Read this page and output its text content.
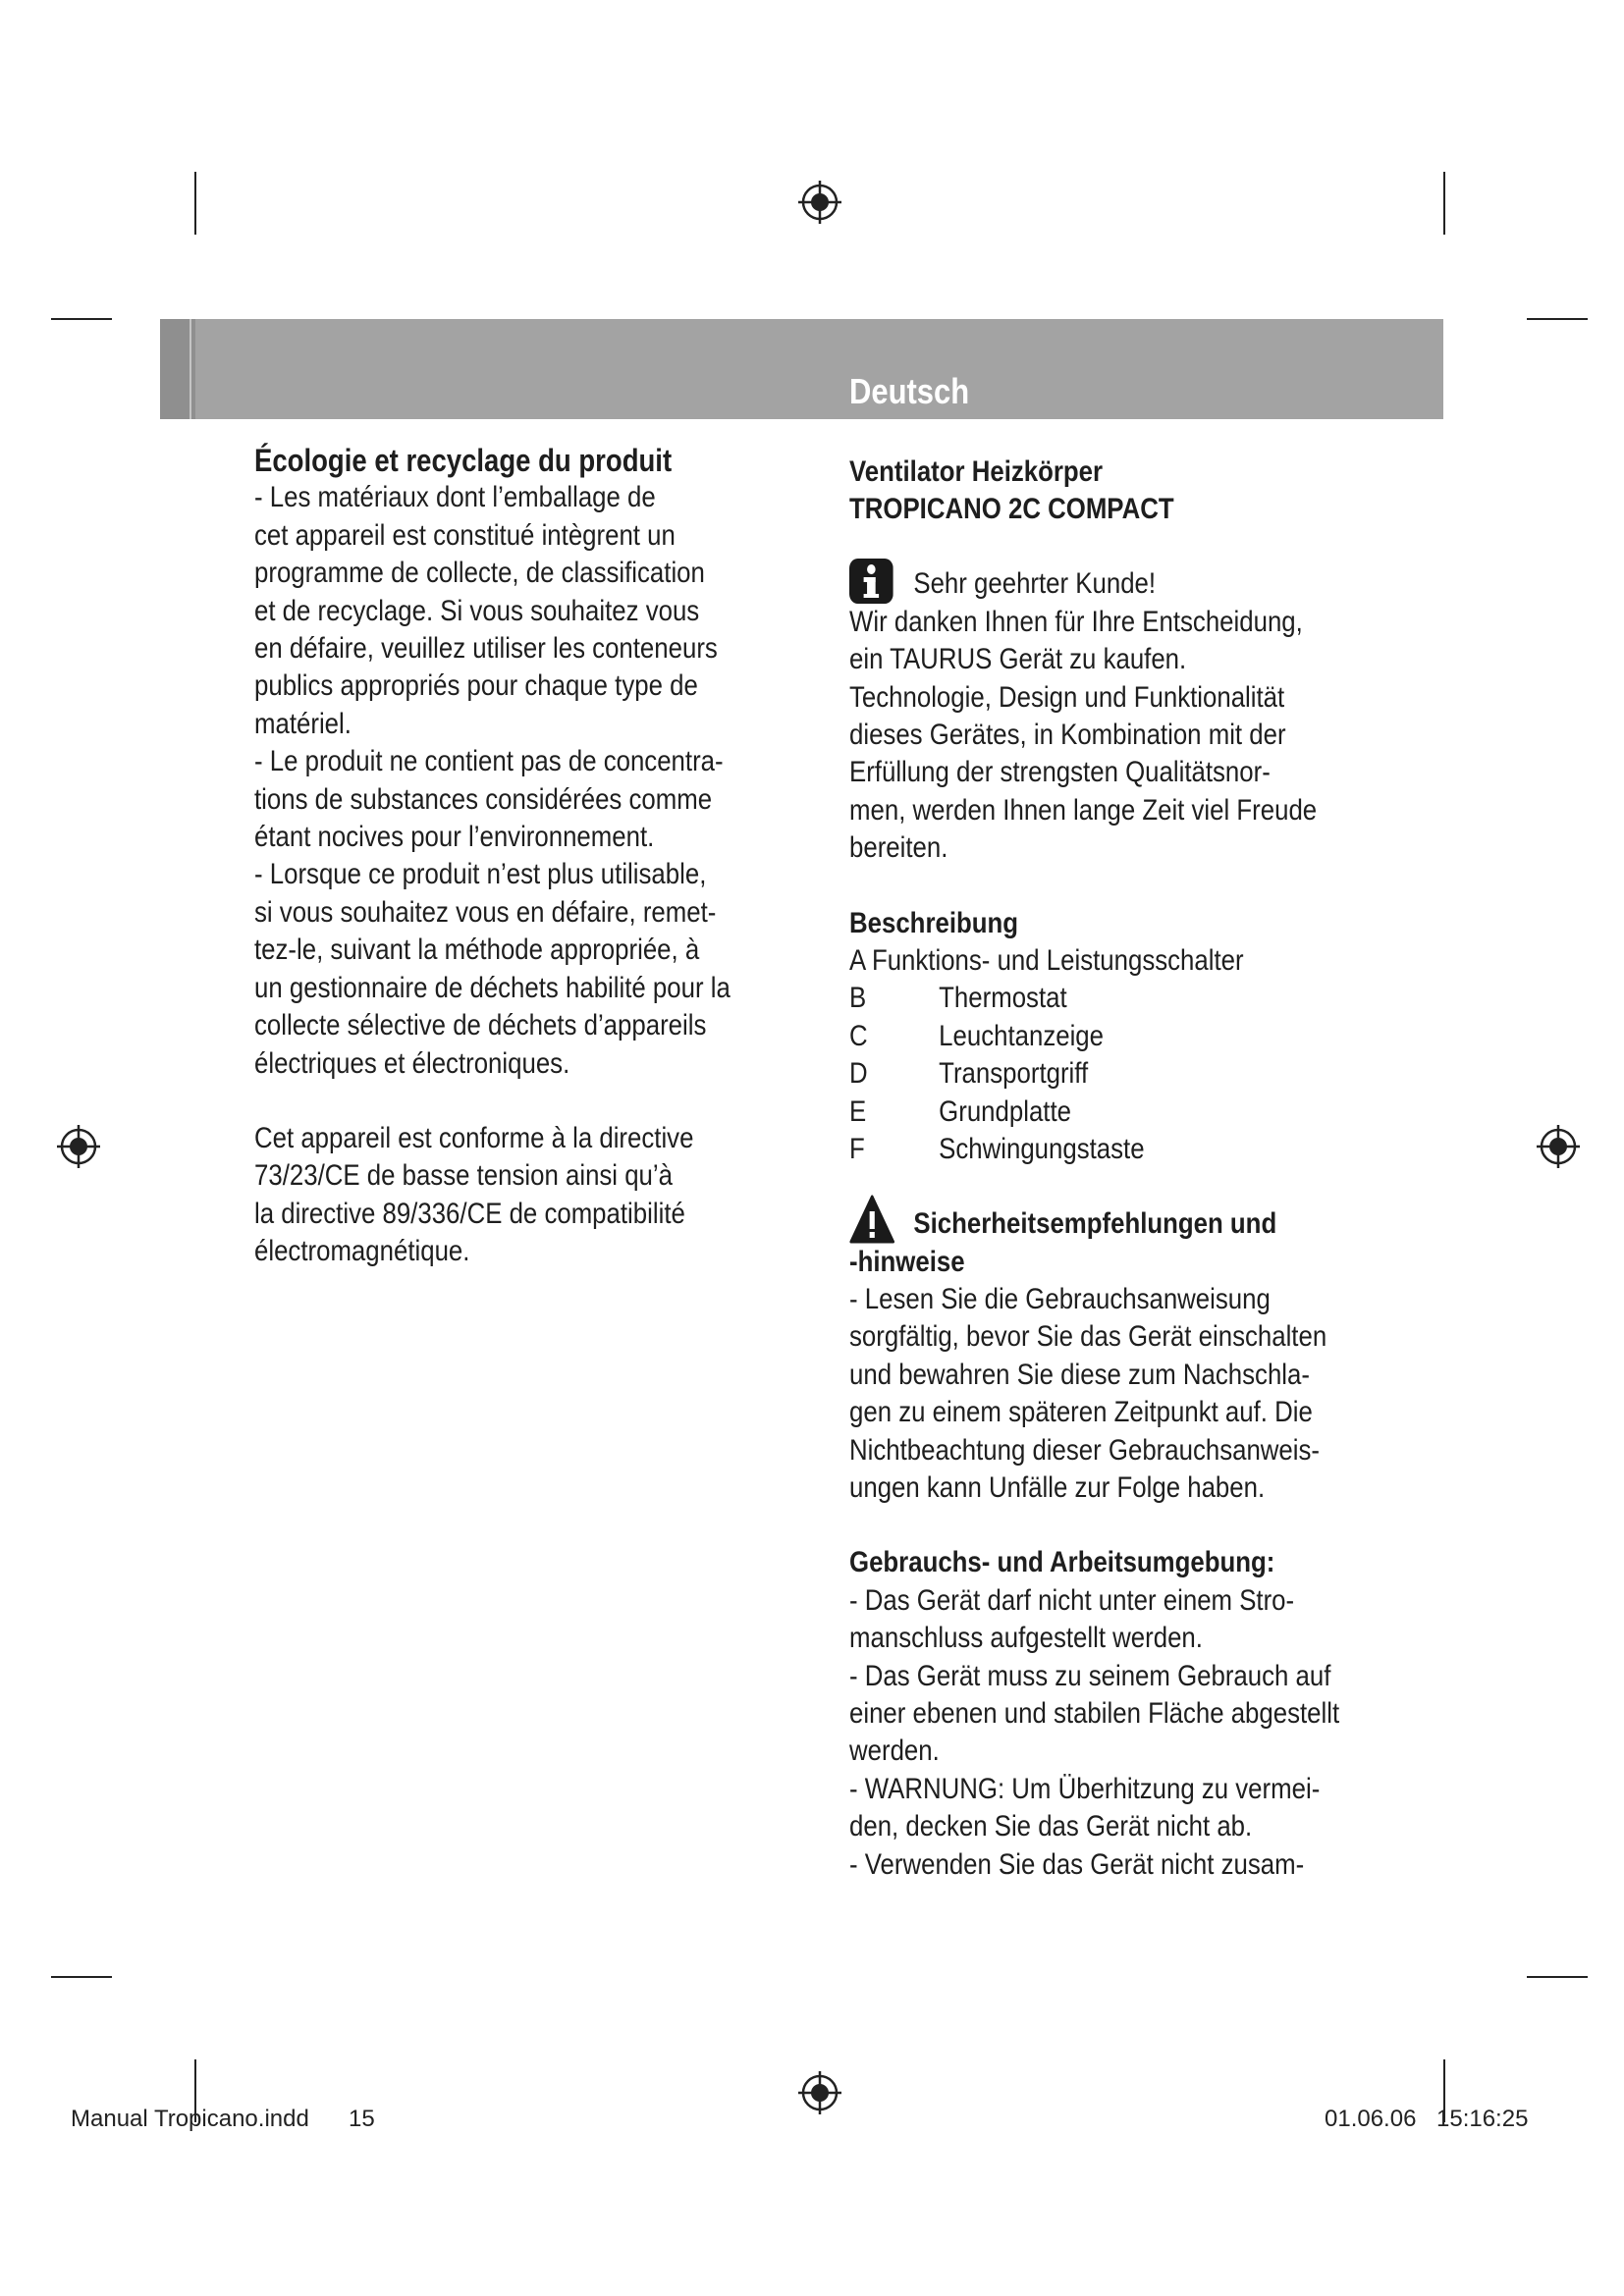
Deutsch

Écologie et recyclage du produit

- Les matériaux dont l’emballage de

cet appareil est constitué intègrent un

programme de collecte, de classification

et de recyclage. Si vous souhaitez vous

en défaire, veuillez utiliser les conteneurs

publics appropriés pour chaque type de

matériel.

- Le produit ne contient pas de concentra-

tions de substances considérées comme

étant nocives pour l’environnement.

- Lorsque ce produit n’est plus utilisable,

si vous souhaitez vous en défaire, remet-

tez-le, suivant la méthode appropriée, à

un gestionnaire de déchets habilité pour la

collecte sélective de déchets d’appareils

électriques et électroniques.

Cet appareil est conforme à la directive

73/23/CE de basse tension ainsi qu’à

la directive 89/336/CE de compatibilité

électromagnétique.

Ventilator Heizkörper

TROPICANO 2C COMPACT

Sehr geehrter Kunde!

Wir danken Ihnen für Ihre Entscheidung,

ein TAURUS Gerät zu kaufen.

Technologie, Design und Funktionalität

dieses Gerätes, in Kombination mit der

Erfüllung der strengsten Qualitätsnor-

men, werden Ihnen lange Zeit viel Freude

bereiten.

Beschreibung

A Funktions- und Leistungsschalter

B	Thermostat
C	Leuchtanzeige
D	Transportgriff
E	Grundplatte
F	Schwingungstaste
Sicherheitsempfehlungen und

-hinweise

- Lesen Sie die Gebrauchsanweisung

sorgfältig, bevor Sie das Gerät einschalten

und bewahren Sie diese zum Nachschla-

gen zu einem späteren Zeitpunkt auf. Die

Nichtbeachtung dieser Gebrauchsanweis-

ungen kann Unfälle zur Folge haben.

Gebrauchs- und Arbeitsumgebung:

- Das Gerät darf nicht unter einem Stro-

manschluss aufgestellt werden.

- Das Gerät muss zu seinem Gebrauch auf

einer ebenen und stabilen Fläche abgestellt

werden.

- WARNUNG: Um Überhitzung zu vermei-

den, decken Sie das Gerät nicht ab.

- Verwenden Sie das Gerät nicht zusam-

Manual Tropicano.indd 15	01.06.06 15:16:25
